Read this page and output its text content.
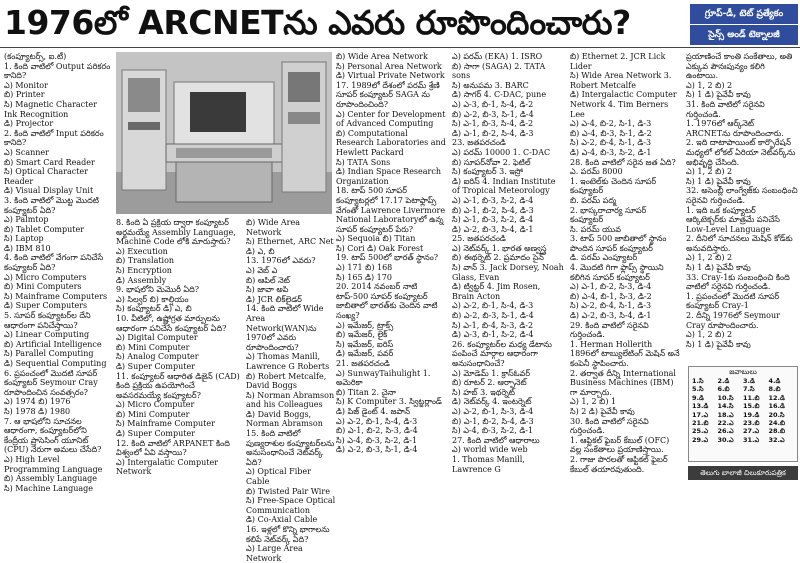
1976లో ARCNETను ఎవరు రూపొందించారు?	గ్రూప్‌-డీ, టెట్‌ ప్రత్యేకం
సైన్స్‌ అండ్‌ టెక్నాలజీ

(కంప్యూటర్స్‌, ఐ.టీ)

1. కింది వాటిలో Output పరికరం కానిది?

ఎ) Monitor

బి) Printer

సి) Magnetic Character Ink Recognition

డి) Projector

2. కింది వాటిలో Input పరికరం కానిది?

ఎ) Scanner

బి) Smart Card Reader

సి) Optical Character Reader

డి) Visual Display Unit

3. కింది వాటిలో మొట్ట మొదటి కంప్యూటర్‌ ఏది?

ఎ) Palmtop

బి) Tablet Computer

సి) Laptop

డి) IBM 810

4. కింది వాటిలో వేగంగా పనిచేసే కంప్యూటర్‌ ఏది?

ఎ) Micro Computers

బి) Mini Computers

సి) Mainframe Computers

డి) Super Computers

5. సూపర్‌ కంప్యూటర్‌ల దేని ఆధారంగా పనిచేస్తాయి?

ఎ) Linear Computing

బి) Artificial Intelligence

సి) Parallel Computing

డి) Sequential Computing

6. ప్రపంచంలో మొదటి సూపర్‌ కంప్యూటర్‌ Seymour Cray రూపొందించిన సంవత్సరం?

ఎ) 1974 బి) 1976

సి) 1978 డి) 1980

7. ఆ భాషలోని సూచనల ఆధారంగా, కంప్యూటర్‌లోని కేంద్రీయ ప్రాసెసింగ్‌ యూనిట్‌ (CPU) నేరుగా అమలు చేసేది?

ఎ) High Level Programming Language

బి) Assembly Language

సి) Machine Language

8. కింది ఏ ప్రక్రియ ద్వారా కంప్యూటర్‌ అర్థమయ్యే Assembly Language, Machine Code లోకి మారుస్తారు?

ఎ) Execution

బి) Translation

సి) Encryption

డి) Assembly

9. భాషలోని మెమొరీ ఏది?

ఎ) సిల్వర్‌ బి) కాల్షియం

సి) కంప్యూటర్‌ డి) ఎ, బి

10. వీటిలో, ఉష్ణోగ్రత మార్పులను ఆధారంగా పనిచేసే కంప్యూటర్‌ ఏది?

ఎ) Digital Computer

బి) Mini Computer

సి) Analog Computer

డి) Super Computer

11. కంప్యూటర్‌ ఆధారిత డిజైన్‌ (CAD) కింది ప్రక్రియ ఉపయోగించే అవసరమయ్యే కంప్యూటర్‌?

ఎ) Micro Computer

బి) Mini Computer

సి) Mainframe Computer

డి) Super Computer

12. కింది వాటిలో ARPANET కింది విశ్వంలో ఏవి వస్తాయి?

ఎ) Intergalatic Computer Network

బి) Wide Area Network

సి) Ethernet, ARC Net

డి) ఎ, బి

13. 1976లో ఎవరు?

ఎ) వెబ్‌ ఎ

బి) ఆపిల్‌ నెట్‌

సి) జావా అపి

డి) JCR లిక్‌లైడర్‌

14. కింది వాటిలో Wide Area Network(WAN)ను 1970లో ఎవరు రూపొందించారు?

ఎ) Thomas Manill, Lawrence G Roberts

బి) Robert Metcalfe, David Boggs

సి) Norman Abramson and his Colleagues

డి) David Boggs, Norman Abramson

15. కింది వాటిలో పుణ్యరాశుల కంప్యూటర్‌లను అనుసంధానించే నెట్‌వర్క్‌ ఏది?

ఎ) Optical Fiber Cable

బి) Twisted Pair Wire

సి) Free-Space Optical Communication

డి) Co-Axial Cable

16. ఇళ్లలో కొన్ని భాగాలను కలిపే నెట్‌వర్క్‌ ఏది?

ఎ) Large Area Network

బి) Wide Area Network

సి) Personal Area Network

డి) Virtual Private Network

17. 1989లో దేశంలో పరమ్‌ శ్రేణి సూపర్‌ కంప్యూటర్‌ SAGA ను రూపొందించింది?

ఎ) Center for Development of Advanced Computing

బి) Computational Research Laboratories and Hewlett Packard

సి) TATA Sons

డి) Indian Space Research Organization

18. టాప్‌ 500 సూపర్‌ కంప్యూటర్లలో 17.17 పెటాఫ్లాప్స్‌ వేగంతో Lawrence Livermore National Laboratoryలో ఉన్న సూపర్‌ కంప్యూటర్‌ పేరు?

ఎ) Sequoia బి) Titan

సి) Cori డి) Oak Forest

19. టాప్‌ 500లో భారత్‌ స్థానం?

ఎ) 171 బి) 168

సి) 165 డి) 170

20. 2014 నవంబర్‌ నాటి టాప్‌-500 సూపర్‌ కంప్యూటర్‌ జాబితాలో భారత్‌కు చెందిన వాటి సంఖ్య?

ఎ) ఇమేజర్‌, ట్రాక్స్‌

బి) ఇమేజర్‌, లైక్‌

సి) ఇమేజర్‌, ఐరిస్‌

డి) ఇమేజర్‌, పవర్‌

21. జతపరచండి

ఎ) SunwayTaihulight 1. అమెరికా

బి) Titan 2. చైనా

సి) K Computer 3. స్విట్జర్లాండ్‌

డి) పిజ్‌ డైంట్‌ 4. జపాన్‌

ఎ) ఎ-2, బి-1, సి-4, డి-3

బి) ఎ-1, బి-2, సి-3, డి-4

సి) ఎ-4, బి-3, సి-2, డి-1

డి) ఎ-2, బి-3, సి-1, డి-4

ఎ) పరమ్‌ (EKA) 1. ISRO

బి) సాగా (SAGA) 2. TATA sons

సి) అనుపమ 3. BARC

డి) సాగర్‌ 4. C-DAC, pune

ఎ) ఎ-3, బి-1, సి-4, డి-2

బి) ఎ-2, బి-3, సి-1, డి-4

సి) ఎ-1, బి-3, సి-4, డి-2

డి) ఎ-1, బి-2, సి-4, డి-3

23. జతపరచండి

ఎ) పరమ్‌ 10000 1. C-DAC

బి) సూపర్‌నోవా 2. ఫెటిల్‌

సి) కంప్యూటర్‌ 3. ఇస్రో

డి) ఐరిస్‌ 4. Indian Institute of Tropical Meteorology

ఎ) ఎ-1, బి-3, సి-2, డి-4

బి) ఎ-1, బి-2, సి-4, డి-3

సి) ఎ-1, బి-3, సి-2, డి-4

డి) ఎ-2, బి-3, సి-4, డి-1

25. జతపరచండి

ఎ) నెట్‌వర్క్‌ 1. భారత అణ్వస్త్ర

బి) ఈథర్నెట్‌ 2. ప్రమాదం సైన్‌

సి) వాన్‌ 3. Jack Dorsey, Noah Glass, Evan

డి) ట్విట్టర్‌ 4. Jim Rosen, Brain Acton

ఎ) ఎ-2, బి-1, సి-4, డి-3

బి) ఎ-2, బి-3, సి-1, డి-4

సి) ఎ-1, బి-4, సి-3, డి-2

డి) ఎ-3, బి-1, సి-2, డి-4

26. కంప్యూటర్‌ల మధ్య డేటాను పంపించే మార్గాల ఆధారంగా అనుసంధానించే?

ఎ) మోడెమ్‌ 1. క్రాస్ఓవర్‌

బి) రూటర్‌ 2. ఆర్పానెట్‌

సి) హబ్‌ 3. ఇథర్నెట్‌

డి) నెట్‌వర్క్‌ 4. ఇంటర్నెట్‌

ఎ) ఎ-2, బి-1, సి-3, డి-4

బి) ఎ-1, బి-2, సి-4, డి-3

సి) ఎ-4, బి-3, సి-2, డి-1

27. కింది వాటిలో ఆధారాలు

ఎ) world wide web

1. Thomas Manill, Lawrence G

బి) Ethernet 2. JCR Lick Lider

సి) Wide Area Network 3. Robert Metcalfe

డి) Intergalactic Computer Network 4. Tim Berners Lee

ఎ) ఎ-4, బి-2, సి-1, డి-3

బి) ఎ-4, బి-3, సి-1, డి-2

సి) ఎ-2, బి-4, సి-1, డి-3

డి) ఎ-4, బి-3, సి-2, డి-1

28. కింది వాటిలో సరైన జత ఏది?

ఎ. పరమ్‌ 8000

1. ఇంటెల్‌కు చెందిన సూపర్‌ కంప్యూటర్‌

బి. పరమ్‌ పద్మ

2. భాస్కరాచార్య సూపర్‌ కంప్యూటర్‌

సి. పరమ్‌ యువ

3. టాప్‌ 500 జాబితాలో స్థానం పొందిన సూపర్‌ కంప్యూటర్‌

డి. పరమ్‌ ఎంప్యూటర్‌

4. మొదటి గిగా ఫ్లాప్స్‌ స్థాయిని కలిగిన సూపర్‌ కంప్యూటర్‌

ఎ) ఎ-1, బి-2, సి-3, డి-4

బి) ఎ-4, బి-1, సి-3, డి-2

సి) ఎ-2, బి-4, సి-1, డి-3

డి) ఎ-2, బి-3, సి-4, డి-1

29. కింది వాటిలో సరైనవి గుర్తించండి.

1. Herman Hollerith 1896లో టాబ్యులేటింగ్‌ మెషిన్‌ అనే కంపెనీ స్థాపించారు.

2. తర్వాత దీన్ని International Business Machines (IBM) గా మార్చారు.

ఎ) 1, 2 బి) 1

సి) 2 డి) పైవేవీ కావు

30. కింది వాటిలో సరైనవి గుర్తించండి.

1. ఆప్టికల్‌ ఫైబర్‌ కేబుల్‌ (OFC) వల్ల సంకేతాలు ప్రయాణిస్తాయి.

2. గాజు పొరలతో ఆప్టికల్‌ ఫైబర్‌ కేబుల్‌ తయారవుతుంది.

ప్రయాణించే కాంతి సంకేతాలు, అతి ఎక్కువ పౌనఃపున్యం కలిగి ఉంటాయి.

ఎ) 1, 2 బి) 2

సి) 1 డి) పైవేవీ కావు

31. కింది వాటిలో సరైనవి గుర్తించండి.

1. 1976లో ఆర్క్‌నెట్‌ ARCNETను రూపొందించారు.

2. ఇది దాటాపాయింట్‌ కార్పొరేషన్‌ మధ్యలో లోకల్‌ ఏరియా నెట్‌వర్క్‌ను అభివృద్ధి చేసింది.

ఎ) 1, 2 బి) 2

సి) 1 డి) పైవేవీ కావు

32. అసెంబ్లీ లాంగ్వేజ్‌కు సంబంధించి సరైనవి గుర్తించండి.

1. ఇది ఒక కంప్యూటర్‌ ఆర్కిటెక్చర్‌కు మాత్రమే పనిచేసే Low-Level Language

2. దీనిలో సూచనలు మెషిన్‌ కోడ్‌కు అనువదిస్తారు.

ఎ) 1, 2 బి) 2

సి) 1 డి) పైవేవీ కావు

33. Cray-1కు సంబంధించి కింది వాటిలో సరైనవి గుర్తించండి.

1. ప్రపంచంలో మొదటి సూపర్‌ కంప్యూటర్‌ Cray-1

2. దీన్ని 1976లో Seymour Cray రూపొందించారు.

ఎ) 1, 2 బి) 2

సి) 1 డి) పైవేవీ కావు

జవాబులు
1.సి	2.డి	3.డి	4.డి
5.సి	6.బి	7.సి	8.బి
9.డి	10.సి	11.బి	12.డి
13.డి	14.సి	15.బి	16.డి
17.ఎ	18.ఎ	19.డి	20.సి
21.బి	22.ఎ	23.బి	24.బి
25.ఎ	26.ఎ	27.ఎ	28.బి
29.ఎ	30.ఎ	31.ఎ	32.ఎ
తెలుగు బాలాజీ చిలుకూరుపత్రిక
